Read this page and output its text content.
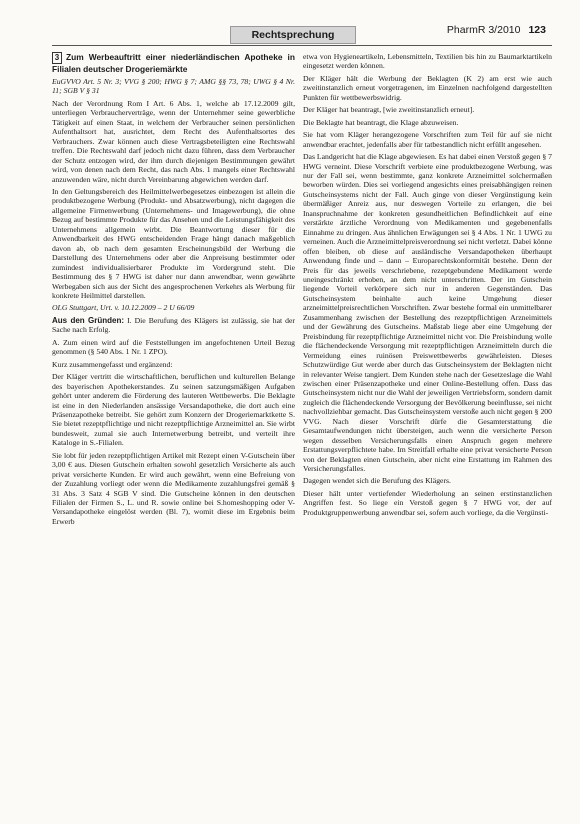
Rechtsprechung	PharmR 3/2010 123

3 Zum Werbeauftritt einer niederländischen Apotheke in Filialen deutscher Drogeriemärkte

EuGVVO Art. 5 Nr. 3; VVG § 200; HWG § 7; AMG §§ 73, 78; UWG § 4 Nr. 11; SGB V § 31

Nach der Verordnung Rom I Art. 6 Abs. 1, welche ab 17.12.2009 gilt, unterliegen Verbraucherverträge, wenn der Unternehmer seine gewerbliche Tätigkeit auf einen Staat, in welchem der Verbraucher seinen persönlichen Aufenthaltsort hat, ausrichtet, dem Recht des Aufenthaltsortes des Verbrauchers. Zwar können auch diese Vertragsbeteiligten eine Rechtswahl treffen. Die Rechtswahl darf jedoch nicht dazu führen, dass dem Verbraucher der Schutz entzogen wird, der ihm durch diejenigen Bestimmungen gewährt wird, von denen nach dem Recht, das nach Abs. 1 mangels einer Rechtswahl anzuwenden wäre, nicht durch Vereinbarung abgewichen werden darf.

In den Geltungsbereich des Heilmittelwerbegesetzes einbezogen ist allein die produktbezogene Werbung (Produkt- und Absatzwerbung), nicht dagegen die allgemeine Firmenwerbung (Unternehmens- und Imagewerbung), die ohne Bezug auf bestimmte Produkte für das Ansehen und die Leistungsfähigkeit des Unternehmens allgemein wirbt. Die Beantwortung dieser für die Anwendbarkeit des HWG entscheidenden Frage hängt danach maßgeblich davon ab, ob nach dem gesamten Erscheinungsbild der Werbung die Darstellung des Unternehmens oder aber die Anpreisung bestimmter oder zumindest individualisierbarer Produkte im Vordergrund steht. Die Bestimmung des § 7 HWG ist daher nur dann anwendbar, wenn gewährte Werbegaben sich aus der Sicht des angesprochenen Verkehrs als Werbung für konkrete Heilmittel darstellen.

OLG Stuttgart, Urt. v. 10.12.2009 – 2 U 66/09

Aus den Gründen: I. Die Berufung des Klägers ist zulässig, sie hat der Sache nach Erfolg.

A. Zum einen wird auf die Feststellungen im angefochtenen Urteil Bezug genommen (§ 540 Abs. 1 Nr. 1 ZPO).

Kurz zusammengefasst und ergänzend:

Der Kläger vertritt die wirtschaftlichen, beruflichen und kulturellen Belange des bayerischen Apothekerstandes. Zu seinen satzungsmäßigen Aufgaben gehört unter anderem die Förderung des lauteren Wettbewerbs. Die Beklagte ist eine in den Niederlanden ansässige Versandapotheke, die dort auch eine Präsenzapotheke betreibt. Sie gehört zum Konzern der Drogeriemarktkette S. Sie bietet rezeptpflichtige und nicht rezeptpflichtige Arzneimittel an. Sie wirbt bundesweit, zumal sie auch Internetwerbung betreibt, und verteilt ihre Kataloge in S.-Filialen.

Sie lobt für jeden rezeptpflichtigen Artikel mit Rezept einen V-Gutschein über 3,00 € aus. Diesen Gutschein erhalten sowohl gesetzlich Versicherte als auch privat versicherte Kunden. Er wird auch gewährt, wenn eine Befreiung von der Zuzahlung vorliegt oder wenn die Medikamente zuzahlungsfrei gemäß § 31 Abs. 3 Satz 4 SGB V sind. Die Gutscheine können in den deutschen Filialen der Firmen S., L. und R. sowie online bei S.homeshopping oder V-Versandapotheke eingelöst werden (Bl. 7), womit diese im Ergebnis beim Erwerb

etwa von Hygieneartikeln, Lebensmitteln, Textilien bis hin zu Baumarktartikeln eingesetzt werden können.

Der Kläger hält die Werbung der Beklagten (K 2) am erst wie auch zweitinstanzlich erneut vorgetragenen, im Einzelnen nachfolgend dargestellten Punkten für wettbewerbswidrig.

Der Kläger hat beantragt, [wie zweitinstanzlich erneut].

Die Beklagte hat beantragt, die Klage abzuweisen.

Sie hat vom Kläger herangezogene Vorschriften zum Teil für auf sie nicht anwendbar erachtet, jedenfalls aber für tatbestandlich nicht erfüllt angesehen.

Das Landgericht hat die Klage abgewiesen. Es hat dabei einen Verstoß gegen § 7 HWG verneint. Diese Vorschrift verbiete eine produktbezogene Werbung, was nur der Fall sei, wenn bestimmte, ganz konkrete Arzneimittel solchermaßen beworben würden. Dies sei vorliegend angesichts eines preisabhängigen reinen Gutscheinsystems nicht der Fall. Auch ginge von dieser Vergünstigung kein übermäßiger Anreiz aus, nur deswegen Vorteile zu erlangen, die bei Inanspruchnahme der konkreten gesundheitlichen Befindlichkeit auf eine verstärkte ärztliche Verordnung von Medikamenten und gegebenenfalls Einnahme zu dringen. Aus ähnlichen Erwägungen sei § 4 Abs. 1 Nr. 1 UWG zu verneinen. Auch die Arzneimittelpreisverordnung sei nicht verletzt. Dabei könne offen bleiben, ob diese auf ausländische Versandapotheken überhaupt Anwendung finde und – dann – Europarechtskonformität bestehe. Denn der Preis für das jeweils verschriebene, rezeptgebundene Medikament werde uneingeschränkt erhoben, an dem nicht unterschritten. Der im Gutschein liegende Vorteil verkörpere sich nur in anderen Gegenständen. Das Gutscheinsystem beinhalte auch keine Umgehung dieser arzneimittelpreisrechtlichen Vorschriften. Zwar bestehe formal ein unmittelbarer Zusammenhang zwischen der Bestellung des rezeptpflichtigen Arzneimittels und der Gewährung des Gutscheins. Maßstab liege aber eine Umgehung der Preisbindung für rezeptpflichtige Arzneimittel nicht vor. Die Preisbindung wolle die flächendeckende Versorgung mit rezeptpflichtigen Arzneimitteln durch die Vermeidung eines ruinösen Preiswettbewerbs gewährleisten. Dieses Schutzwürdige Gut werde aber durch das Gutscheinsystem der Beklagten nicht in relevanter Weise tangiert. Dem Kunden stehe nach der Gesetzeslage die Wahl zwischen einer Präsenzapotheke und einer Online-Bestellung offen. Dass das Gutscheinsystem nicht nur die Wahl der jeweiligen Vertriebsform, sondern damit zugleich die flächendeckende Versorgung der Bevölkerung beeinflusse, sei nicht nachvollziehbar gemacht. Das Gutscheinsystem verstoße auch nicht gegen § 200 VVG. Nach dieser Vorschrift dürfe die Gesamterstattung die Gesamtaufwendungen nicht übersteigen, auch wenn die versicherte Person wegen desselben Versicherungsfalls einen Anspruch gegen mehrere Erstattungsverpflichtete habe. Im Streitfall erhalte eine privat versicherte Person von der Beklagten einen Gutschein, aber nicht eine Erstattung im Rahmen des Versicherungsfalles.

Dagegen wendet sich die Berufung des Klägers.

Dieser hält unter vertiefender Wiederholung an seinen erstinstanzlichen Angriffen fest. So liege ein Verstoß gegen § 7 HWG vor, der auf Produktgruppenwerbung anwendbar sei, sofern auch vorliege, da die Vergünsti-
